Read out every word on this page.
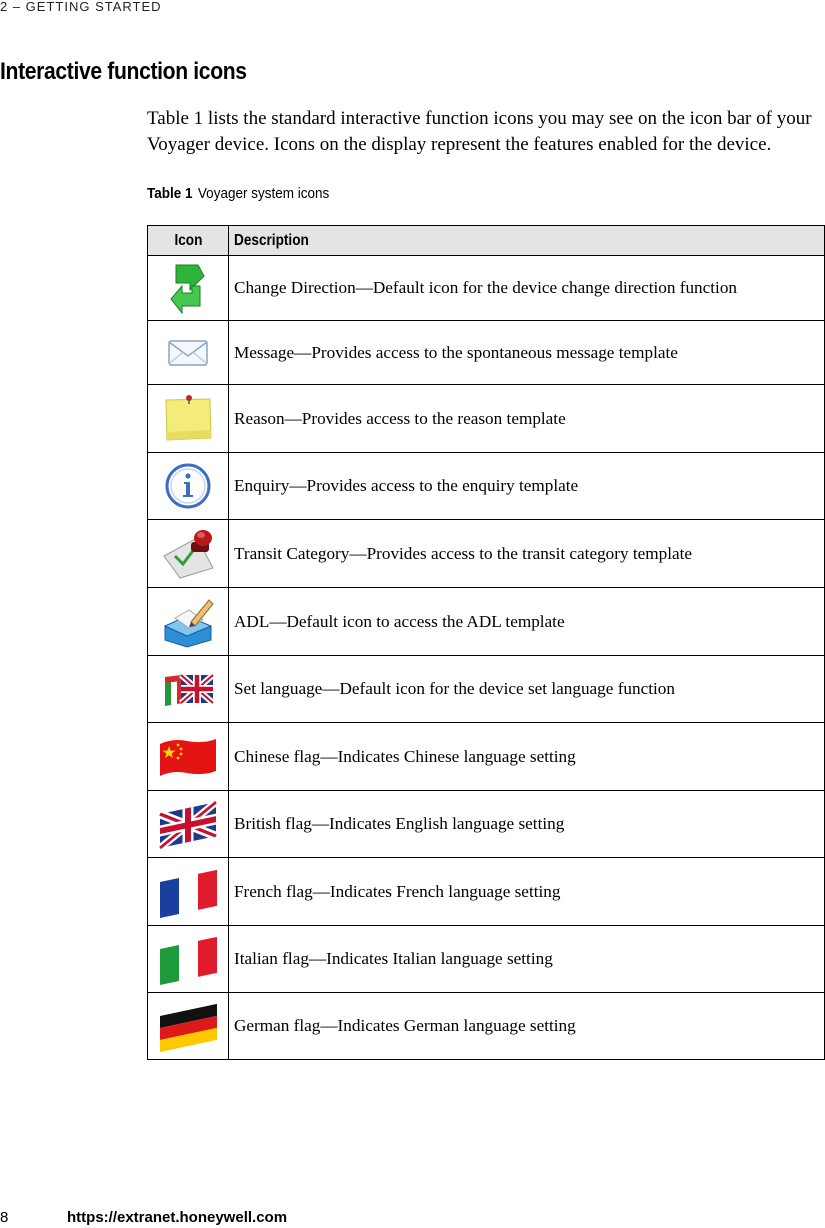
2 – GETTING STARTED
Interactive function icons

Table 1 lists the standard interactive function icons you may see on the icon bar of your Voyager device. Icons on the display represent the features enabled for the device.

Table 1 Voyager system icons
Icon	Description

	Change Direction—Default icon for the device change direction function

	Message—Provides access to the spontaneous message template

	Reason—Provides access to the reason template

	Enquiry—Provides access to the enquiry template

	Transit Category—Provides access to the transit category template

	ADL—Default icon to access the ADL template

	Set language—Default icon for the device set language function

	Chinese flag—Indicates Chinese language setting

	British flag—Indicates English language setting

	French flag—Indicates French language setting

	Italian flag—Indicates Italian language setting

	German flag—Indicates German language setting
8	https://extranet.honeywell.com
